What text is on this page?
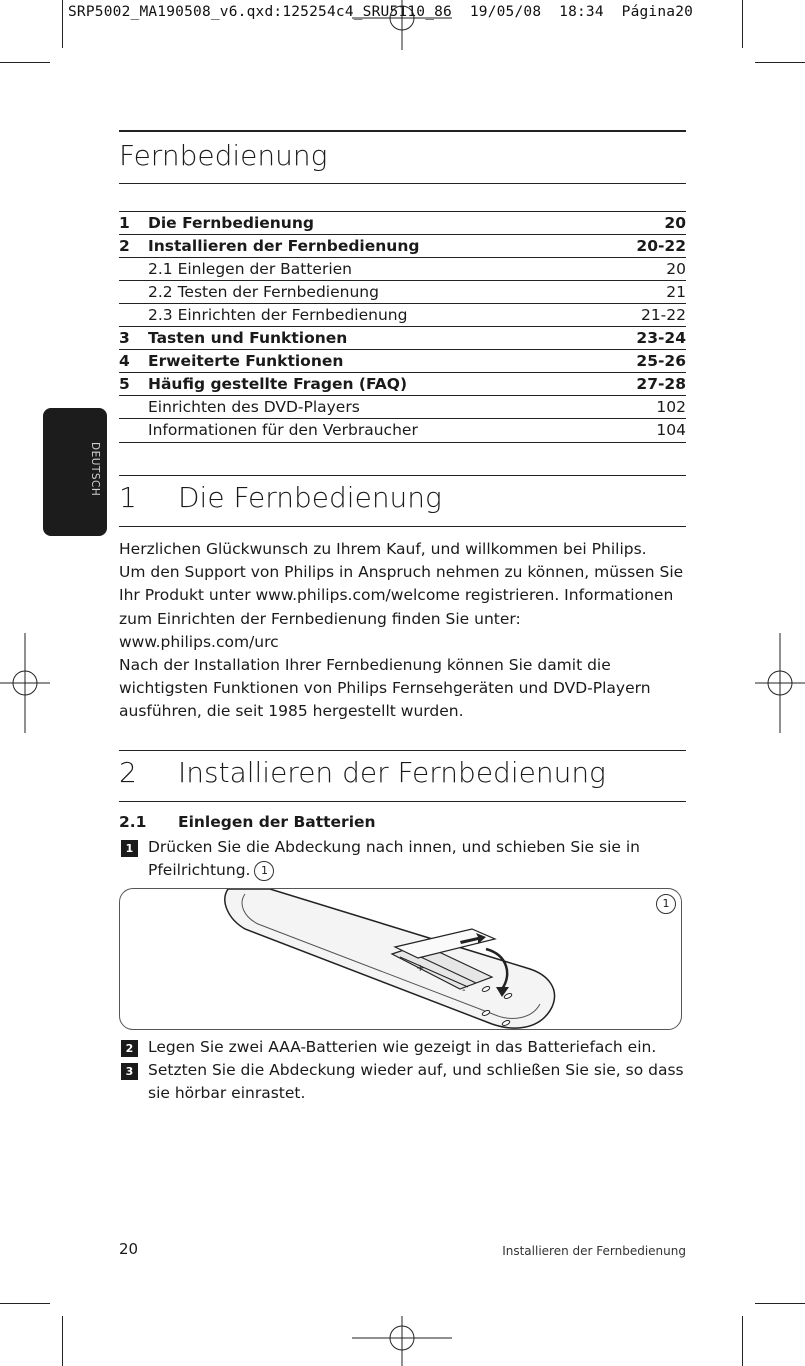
SRP5002_MA190508_v6.qxd:125254c4_SRU5110_86  19/05/08  18:34  Página20
DEUTSCH
Fernbedienung
1 Die Fernbedienung	20
2 Installieren der Fernbedienung	20-22
2.1 Einlegen der Batterien	20
2.2 Testen der Fernbedienung	21
2.3 Einrichten der Fernbedienung	21-22
3 Tasten und Funktionen	23-24
4 Erweiterte Funktionen	25-26
5 Häufig gestellte Fragen (FAQ)	27-28
Einrichten des DVD-Players	102
Informationen für den Verbraucher	104
1 Die Fernbedienung
Herzlichen Glückwunsch zu Ihrem Kauf, und willkommen bei Philips.
Um den Support von Philips in Anspruch nehmen zu können, müssen Sie
Ihr Produkt unter www.philips.com/welcome registrieren. Informationen
zum Einrichten der Fernbedienung finden Sie unter:
www.philips.com/urc
Nach der Installation Ihrer Fernbedienung können Sie damit die
wichtigsten Funktionen von Philips Fernsehgeräten und DVD-Playern
ausführen, die seit 1985 hergestellt wurden.
2 Installieren der Fernbedienung
2.1 Einlegen der Batterien
1 Drücken Sie die Abdeckung nach innen, und schieben Sie sie in
Pfeilrichtung. 1
+
-
1
2 Legen Sie zwei AAA-Batterien wie gezeigt in das Batteriefach ein.
3 Setzten Sie die Abdeckung wieder auf, und schließen Sie sie, so dass
sie hörbar einrastet.
20	Installieren der Fernbedienung
